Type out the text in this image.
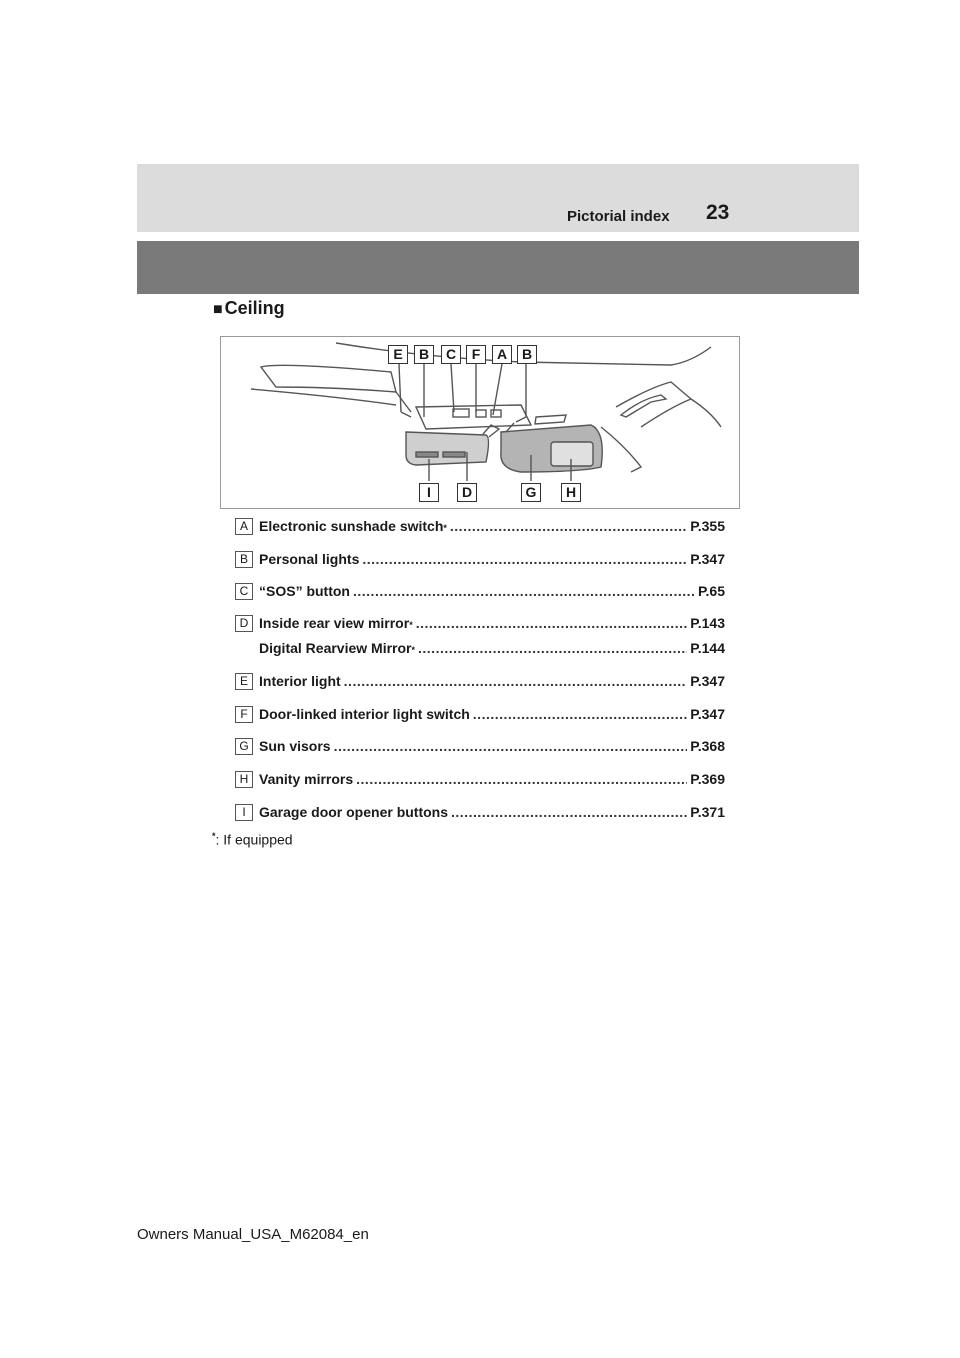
Pictorial index 23
■ Ceiling
E	B	C	F	A	B
I	D	G	H
A Electronic sunshade switch * .....	P.355
B Personal lights .....	P.347
C “SOS” button .....	P.65
D Inside rear view mirror * .....	P.143
Digital Rearview Mirror * .....	P.144
E Interior light .....	P.347
F Door-linked interior light switch .....	P.347
G Sun visors .....	P.368
H Vanity mirrors .....	P.369
I Garage door opener buttons .....	P.371
*: If equipped
Owners Manual_USA_M62084_en
